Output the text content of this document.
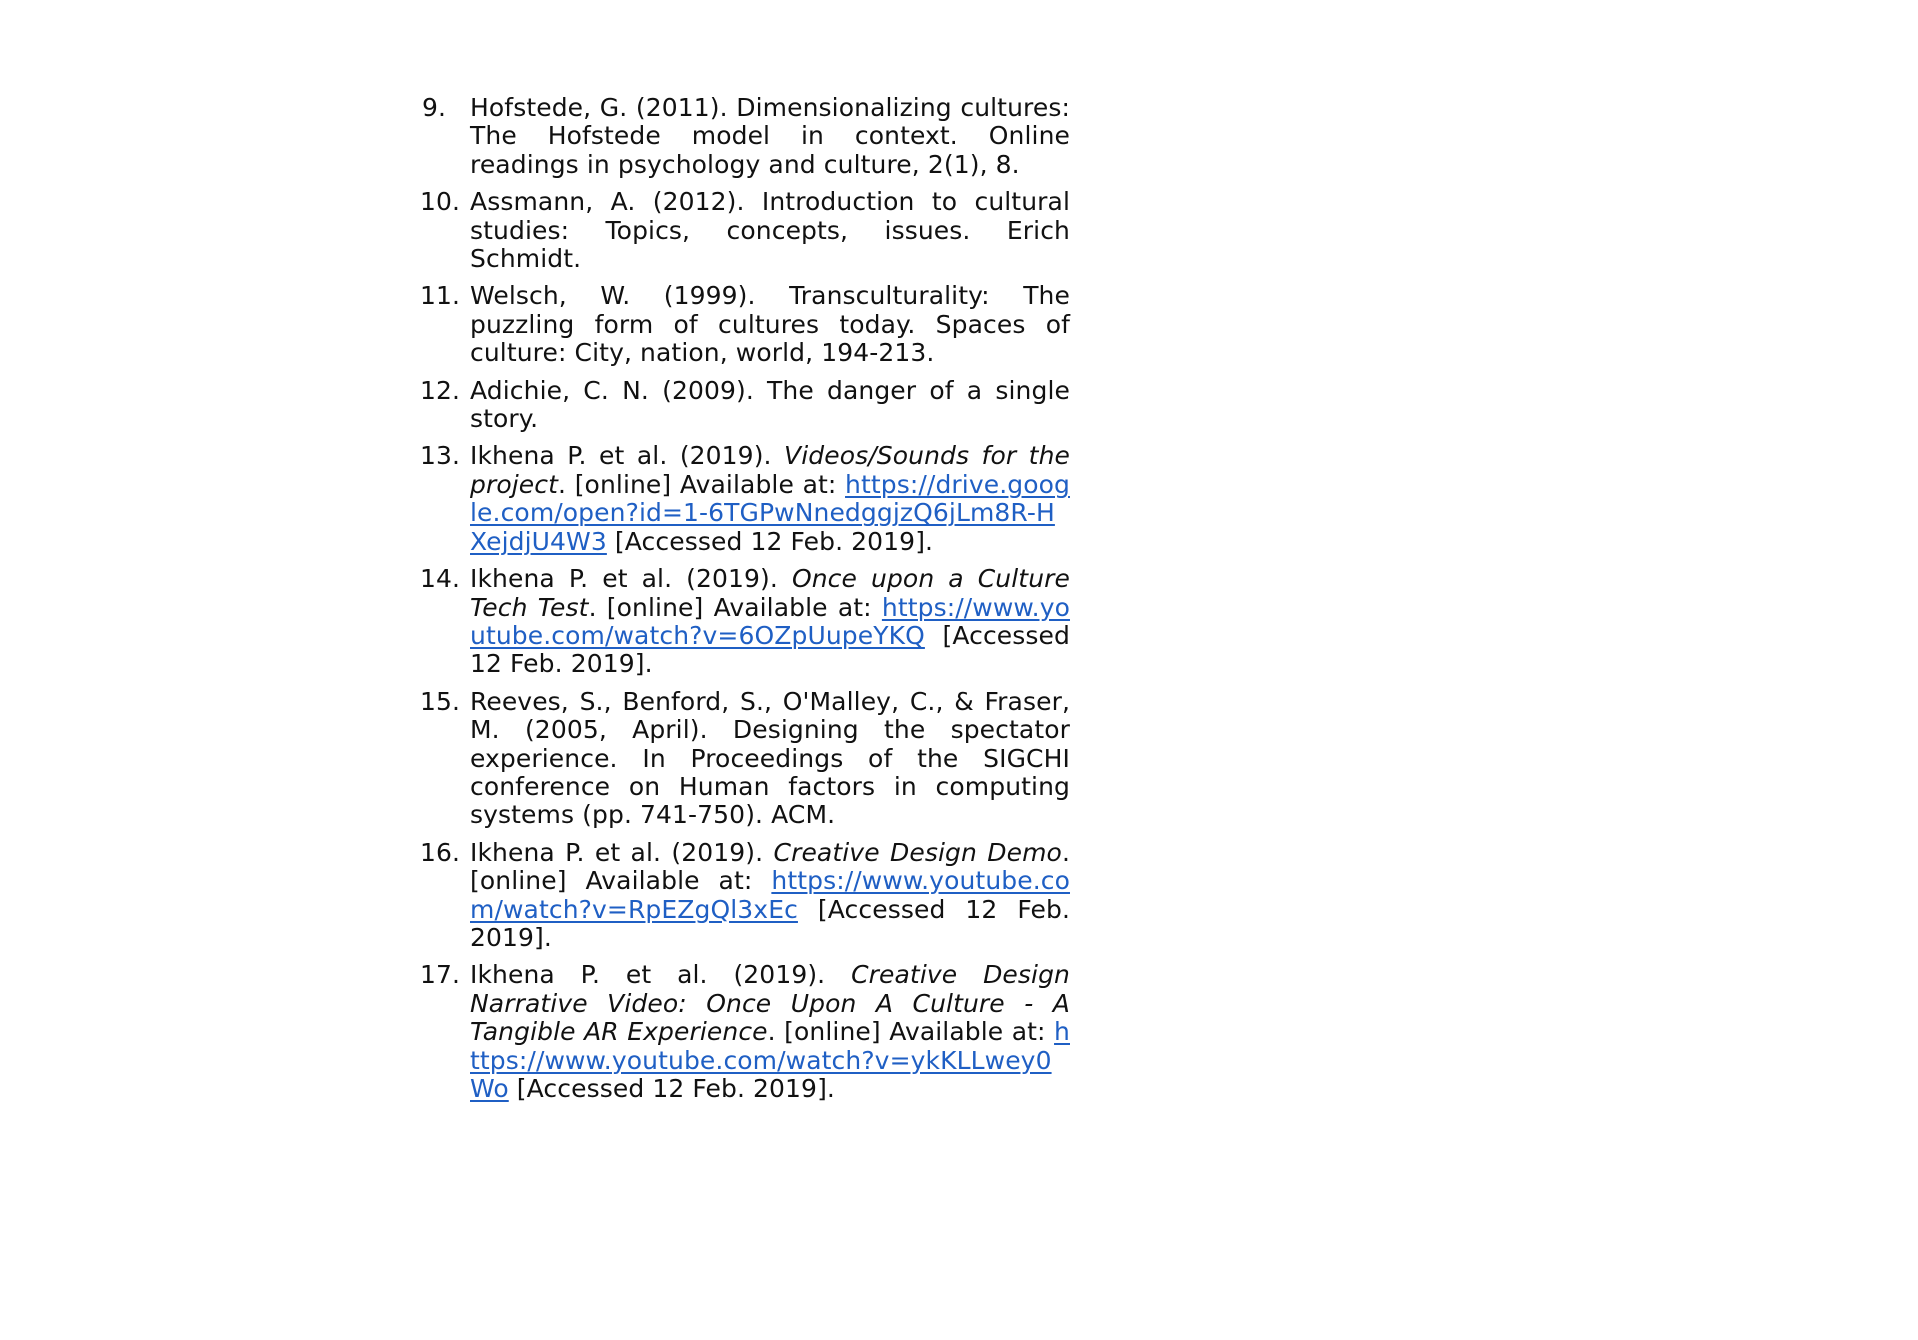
9. Hofstede, G. (2011). Dimensionalizing cultures: The Hofstede model in context. Online readings in psychology and culture, 2(1), 8.
10. Assmann, A. (2012). Introduction to cultural studies: Topics, concepts, issues. Erich Schmidt.
11. Welsch, W. (1999). Transculturality: The puzzling form of cultures today. Spaces of culture: City, nation, world, 194-213.
12. Adichie, C. N. (2009). The danger of a single story.
13. Ikhena P. et al. (2019). Videos/Sounds for the project. [online] Available at: https://drive.google.com/open?id=1-6TGPwNnedggjzQ6jLm8R-HXejdjU4W3 [Accessed 12 Feb. 2019].
14. Ikhena P. et al. (2019). Once upon a Culture Tech Test. [online] Available at: https://www.youtube.com/watch?v=6OZpUupeYKQ [Accessed 12 Feb. 2019].
15. Reeves, S., Benford, S., O'Malley, C., & Fraser, M. (2005, April). Designing the spectator experience. In Proceedings of the SIGCHI conference on Human factors in computing systems (pp. 741-750). ACM.
16. Ikhena P. et al. (2019). Creative Design Demo. [online] Available at: https://www.youtube.com/watch?v=RpEZgQl3xEc [Accessed 12 Feb. 2019].
17. Ikhena P. et al. (2019). Creative Design Narrative Video: Once Upon A Culture - A Tangible AR Experience. [online] Available at: https://www.youtube.com/watch?v=ykKLLwey0Wo [Accessed 12 Feb. 2019].
